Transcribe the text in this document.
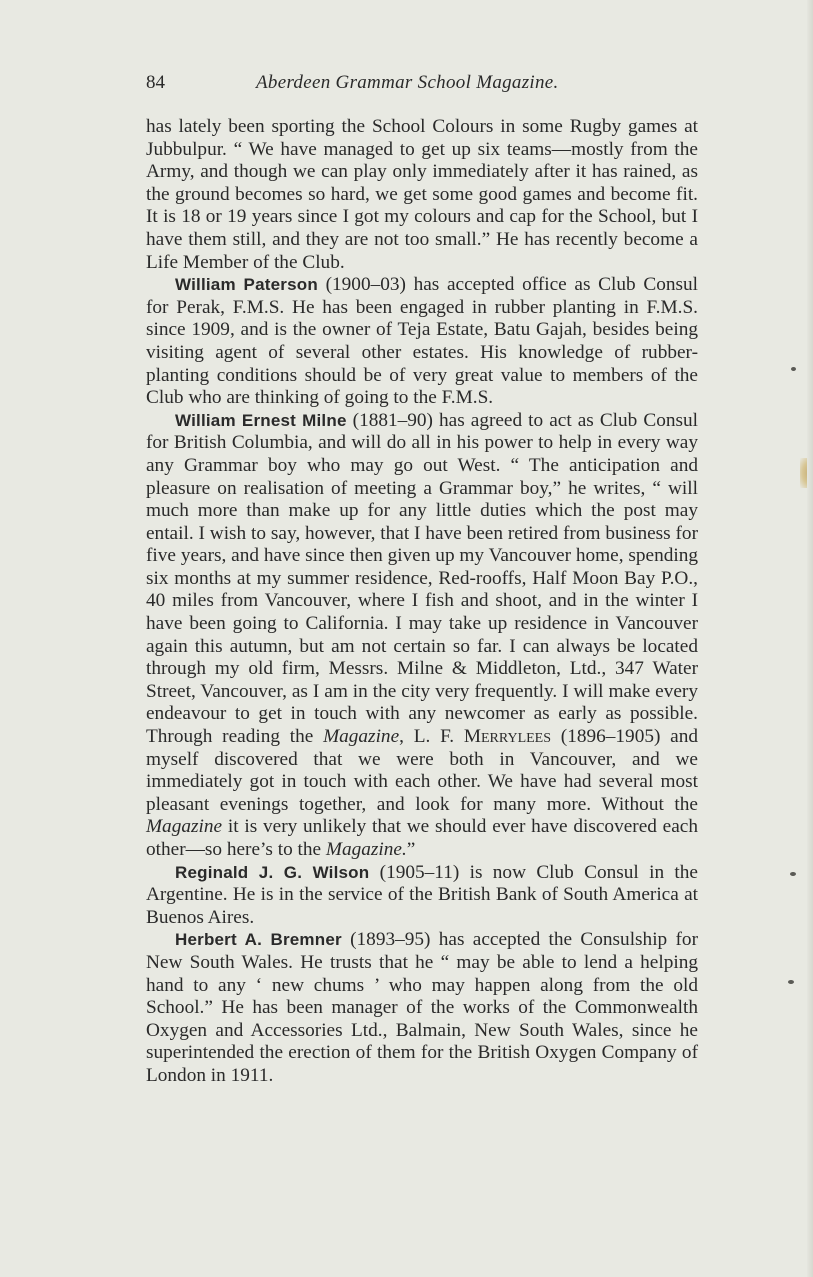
84	Aberdeen Grammar School Magazine.

has lately been sporting the School Colours in some Rugby games at Jubbulpur. “ We have managed to get up six teams—mostly from the Army, and though we can play only immediately after it has rained, as the ground becomes so hard, we get some good games and become fit. It is 18 or 19 years since I got my colours and cap for the School, but I have them still, and they are not too small.” He has recently become a Life Member of the Club.

William Paterson (1900–03) has accepted office as Club Consul for Perak, F.M.S. He has been engaged in rubber planting in F.M.S. since 1909, and is the owner of Teja Estate, Batu Gajah, besides being visiting agent of several other estates. His knowledge of rubber-planting conditions should be of very great value to members of the Club who are thinking of going to the F.M.S.

William Ernest Milne (1881–90) has agreed to act as Club Consul for British Columbia, and will do all in his power to help in every way any Grammar boy who may go out West. “ The anticipation and pleasure on realisation of meeting a Grammar boy,” he writes, “ will much more than make up for any little duties which the post may entail. I wish to say, however, that I have been retired from business for five years, and have since then given up my Vancouver home, spending six months at my summer residence, Red-rooffs, Half Moon Bay P.O., 40 miles from Vancouver, where I fish and shoot, and in the winter I have been going to California. I may take up residence in Vancouver again this autumn, but am not certain so far. I can always be located through my old firm, Messrs. Milne & Middleton, Ltd., 347 Water Street, Vancouver, as I am in the city very frequently. I will make every endeavour to get in touch with any newcomer as early as possible. Through reading the Magazine, L. F. Merrylees (1896–1905) and myself discovered that we were both in Vancouver, and we immediately got in touch with each other. We have had several most pleasant evenings together, and look for many more. Without the Magazine it is very unlikely that we should ever have discovered each other—so here’s to the Magazine.”

Reginald J. G. Wilson (1905–11) is now Club Consul in the Argentine. He is in the service of the British Bank of South America at Buenos Aires.

Herbert A. Bremner (1893–95) has accepted the Consulship for New South Wales. He trusts that he “ may be able to lend a helping hand to any ‘ new chums ’ who may happen along from the old School.” He has been manager of the works of the Commonwealth Oxygen and Accessories Ltd., Balmain, New South Wales, since he superintended the erection of them for the British Oxygen Company of London in 1911.
